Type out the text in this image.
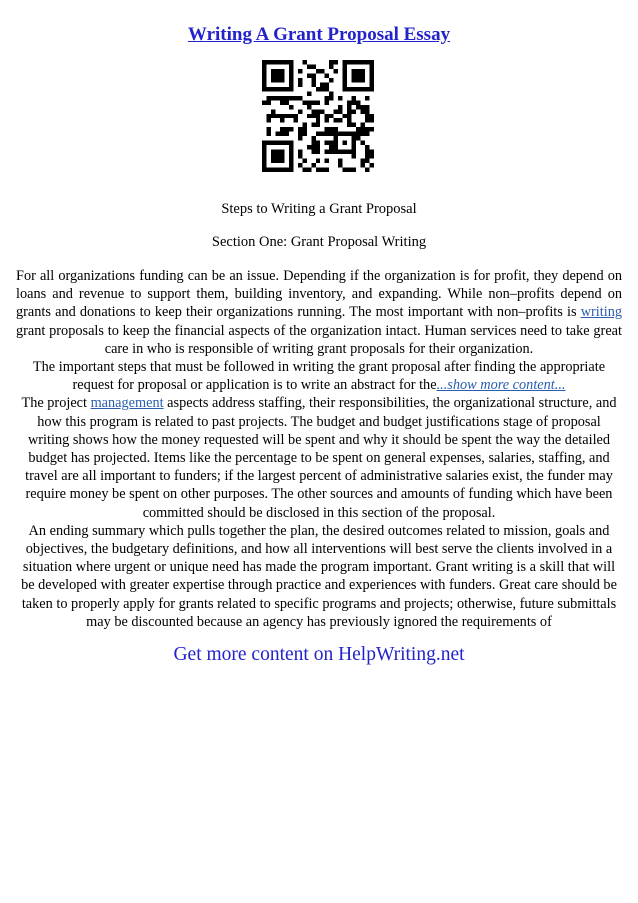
Writing A Grant Proposal Essay
Steps to Writing a Grant Proposal
Section One: Grant Proposal Writing

For all organizations funding can be an issue. Depending if the organization is for profit, they depend on loans and revenue to support them, building inventory, and expanding. While non–profits depend on grants and donations to keep their organizations running. The most important with non–profits is writing grant proposals to keep the financial aspects of the organization intact. Human services need to take great care in who is responsible of writing grant proposals for their organization.

The important steps that must be followed in writing the grant proposal after finding the appropriate request for proposal or application is to write an abstract for the...show more content...

The project management aspects address staffing, their responsibilities, the organizational structure, and how this program is related to past projects. The budget and budget justifications stage of proposal writing shows how the money requested will be spent and why it should be spent the way the detailed budget has projected. Items like the percentage to be spent on general expenses, salaries, staffing, and travel are all important to funders; if the largest percent of administrative salaries exist, the funder may require money be spent on other purposes. The other sources and amounts of funding which have been committed should be disclosed in this section of the proposal.

An ending summary which pulls together the plan, the desired outcomes related to mission, goals and objectives, the budgetary definitions, and how all interventions will best serve the clients involved in a situation where urgent or unique need has made the program important. Grant writing is a skill that will be developed with greater expertise through practice and experiences with funders. Great care should be taken to properly apply for grants related to specific programs and projects; otherwise, future submittals may be discounted because an agency has previously ignored the requirements of

Get more content on HelpWriting.net
